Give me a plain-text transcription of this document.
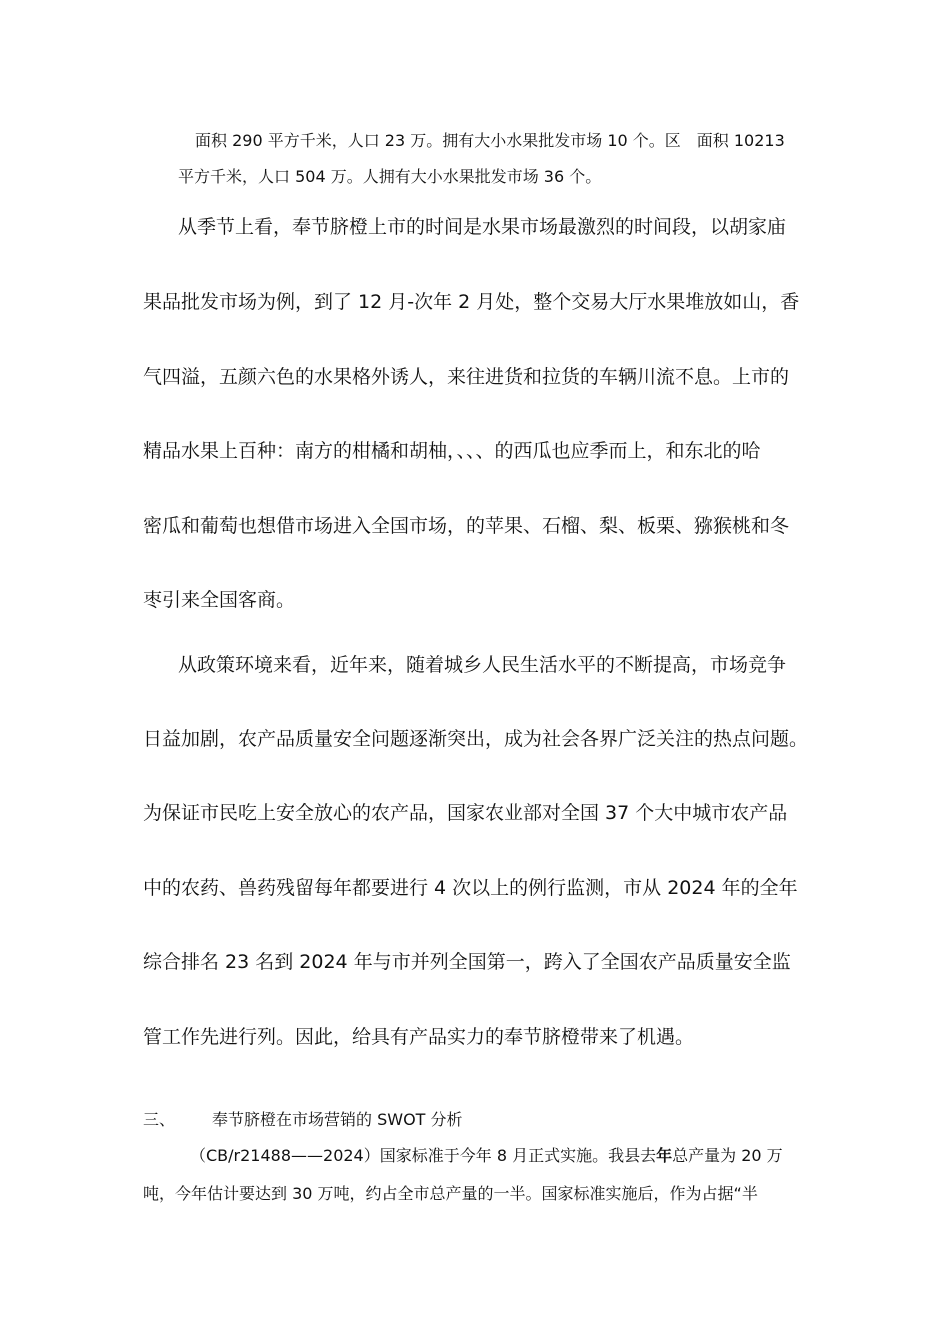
面积 290 平方千米，人口 23 万。拥有大小水果批发市场 10 个。区　面积 10213

平方千米，人口 504 万。人拥有大小水果批发市场 36 个。

从季节上看，奉节脐橙上市的时间是水果市场最激烈的时间段，以胡家庙

果品批发市场为例，到了 12 月-次年 2 月处，整个交易大厅水果堆放如山，香

气四溢，五颜六色的水果格外诱人，来往进货和拉货的车辆川流不息。上市的

精品水果上百种：南方的柑橘和胡柚，、、、的西瓜也应季而上，和东北的哈

密瓜和葡萄也想借市场进入全国市场，的苹果、石榴、梨、板栗、猕猴桃和冬

枣引来全国客商。

从政策环境来看，近年来，随着城乡人民生活水平的不断提高，市场竞争

日益加剧，农产品质量安全问题逐渐突出，成为社会各界广泛关注的热点问题。

为保证市民吃上安全放心的农产品，国家农业部对全国 37 个大中城市农产品

中的农药、兽药残留每年都要进行 4 次以上的例行监测，市从 2024 年的全年

综合排名 23 名到 2024 年与市并列全国第一，跨入了全国农产品质量安全监

管工作先进行列。因此，给具有产品实力的奉节脐橙带来了机遇。

三、 奉节脐橙在市场营销的 SWOT 分析

（CB/r21488——2024）国家标准于今年 8 月正式实施。我县去年总产量为 20 万

吨，今年估计要达到 30 万吨，约占全市总产量的一半。国家标准实施后，作为占据“半
